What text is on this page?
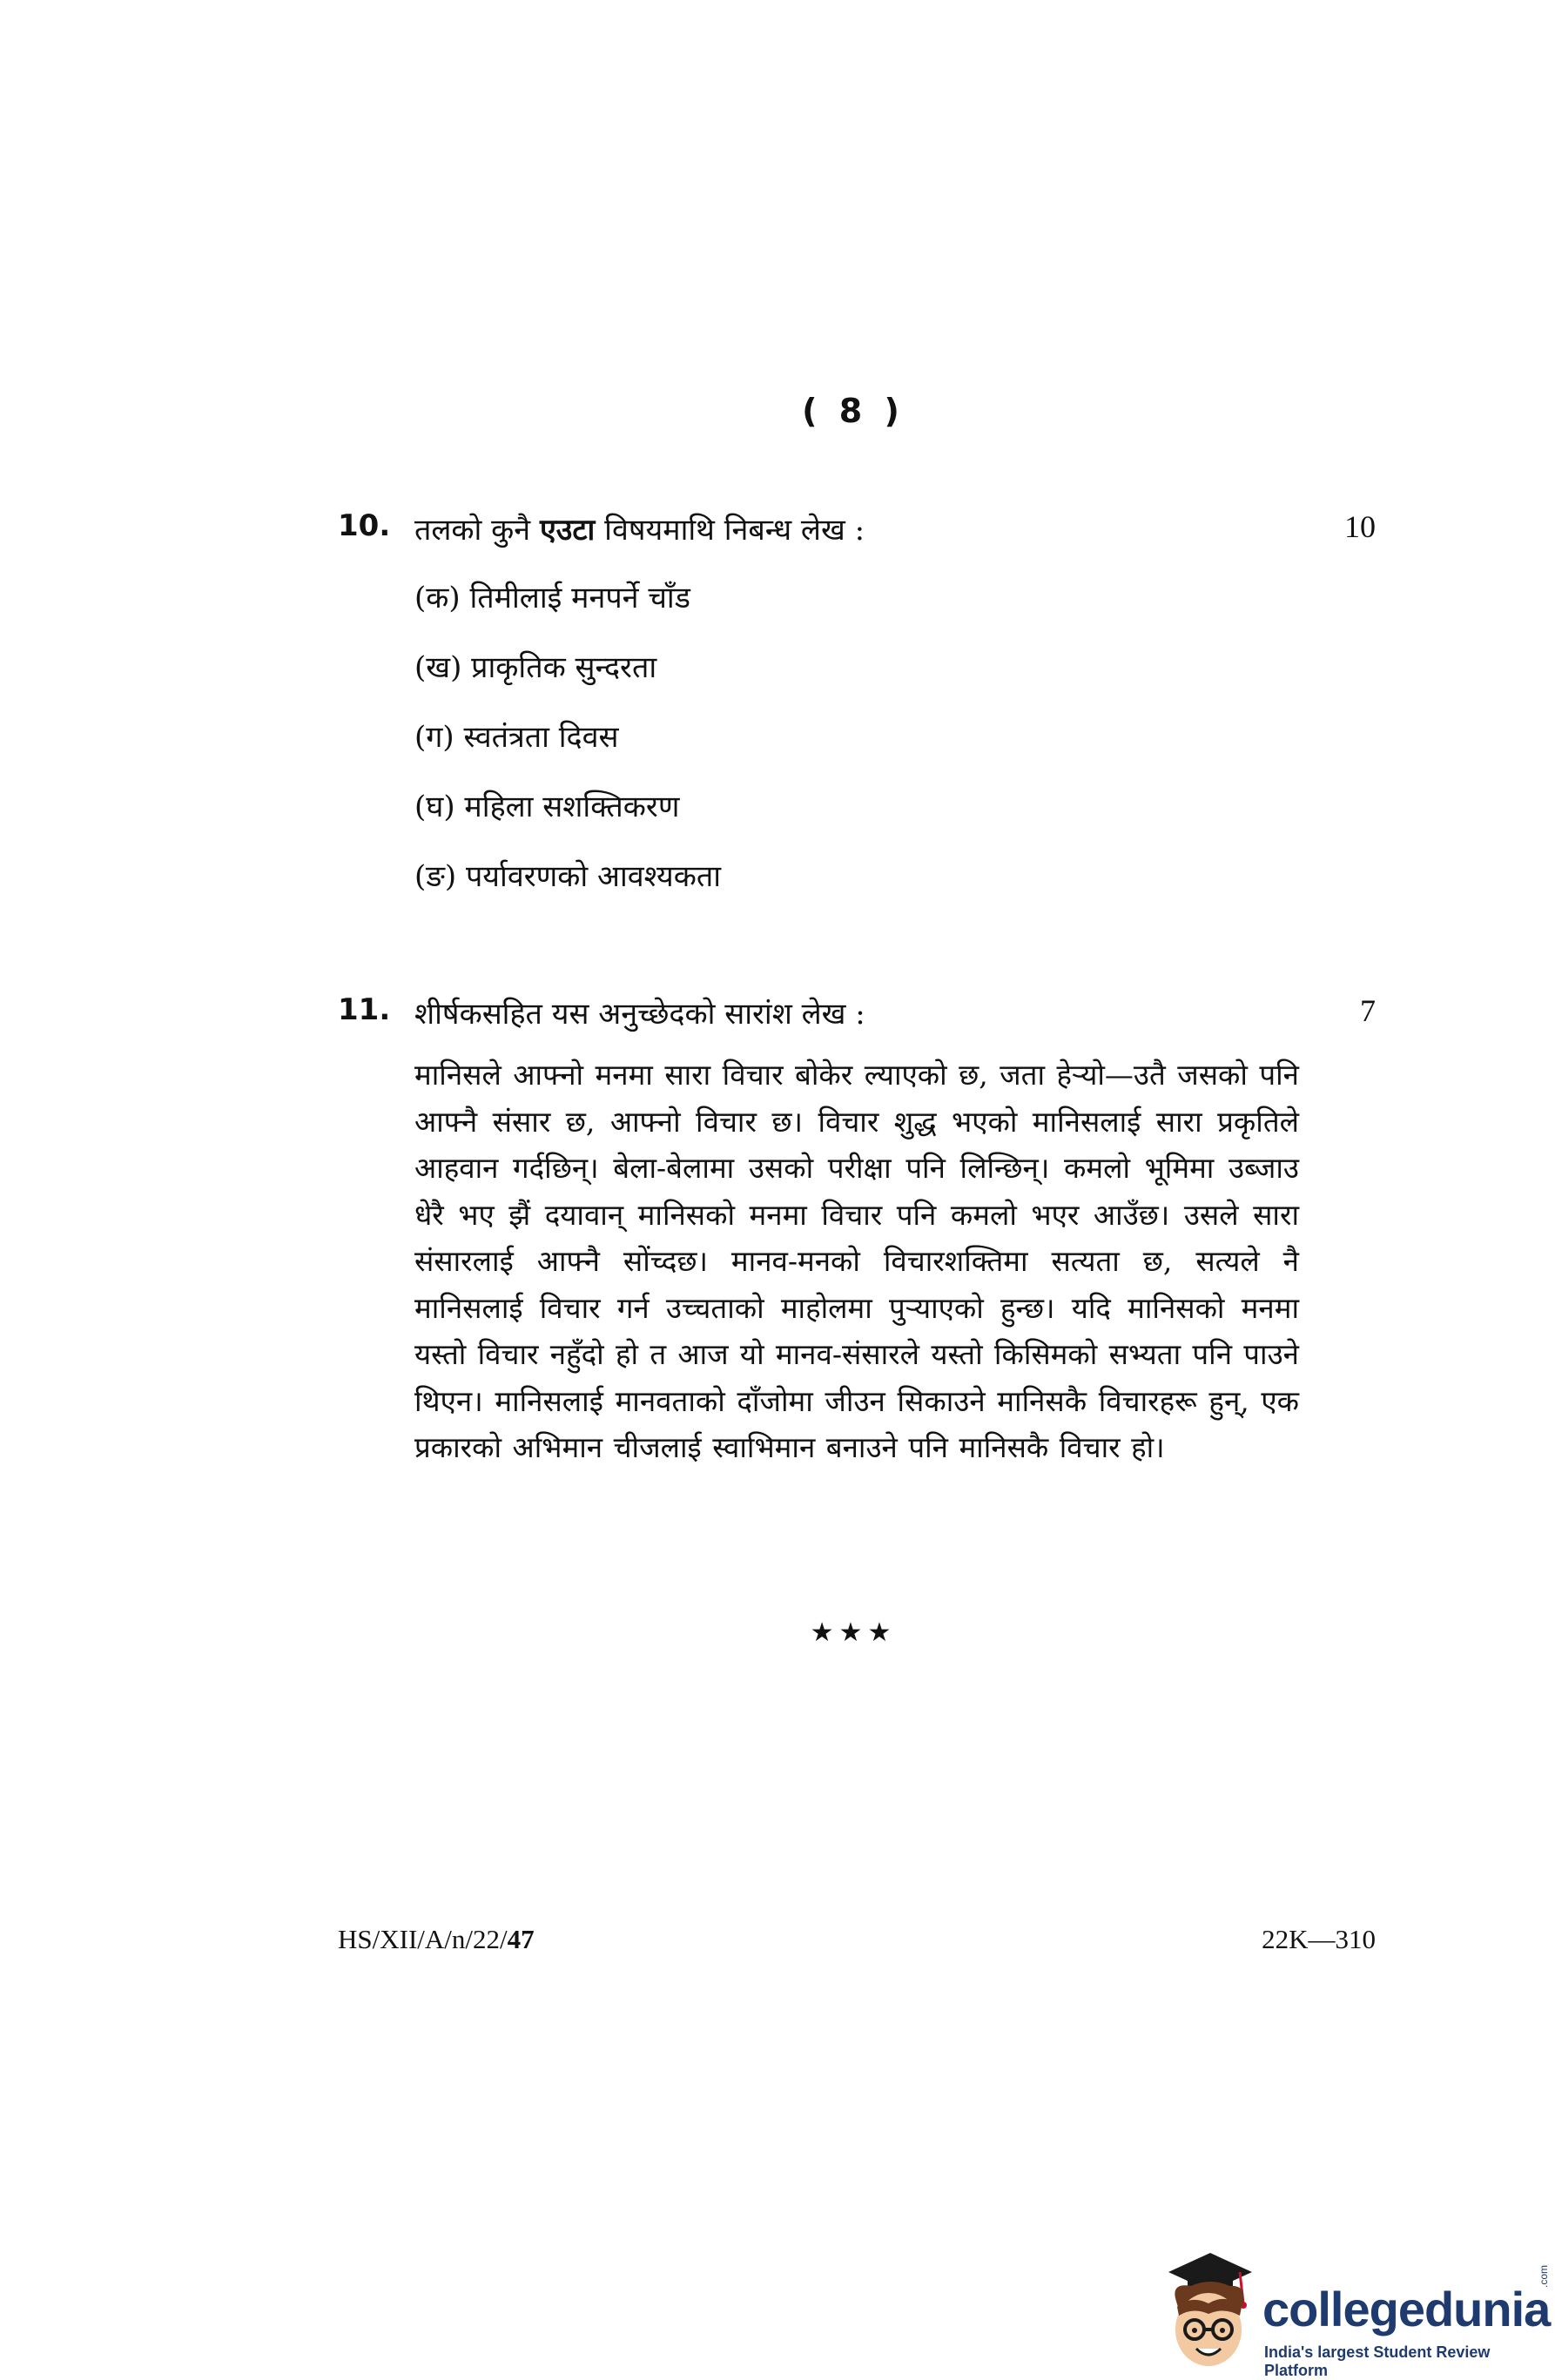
( 8 )
10. तलको कुनै एउटा विषयमाथि निबन्ध लेख :	10
(क) तिमीलाई मनपर्ने चाँड
(ख) प्राकृतिक सुन्दरता
(ग) स्वतंत्रता दिवस
(घ) महिला सशक्तिकरण
(ङ) पर्यावरणको आवश्यकता
11. शीर्षकसहित यस अनुच्छेदको सारांश लेख :	7
मानिसले आफ्नो मनमा सारा विचार बोकेर ल्याएको छ, जता हेर्‍यो—उतै जसको पनि आफ्नै संसार छ, आफ्नो विचार छ। विचार शुद्ध भएको मानिसलाई सारा प्रकृतिले आहवान गर्दछिन्। बेला-बेलामा उसको परीक्षा पनि लिन्छिन्। कमलो भूमिमा उब्जाउ धेरै भए झैं दयावान् मानिसको मनमा विचार पनि कमलो भएर आउँछ। उसले सारा संसारलाई आफ्नै सोंच्दछ। मानव-मनको विचारशक्तिमा सत्यता छ, सत्यले नै मानिसलाई विचार गर्न उच्चताको माहोलमा पुर्‍याएको हुन्छ। यदि मानिसको मनमा यस्तो विचार नहुँदो हो त आज यो मानव-संसारले यस्तो किसिमको सभ्यता पनि पाउने थिएन। मानिसलाई मानवताको दाँजोमा जीउन सिकाउने मानिसकै विचारहरू हुन्, एक प्रकारको अभिमान चीजलाई स्वाभिमान बनाउने पनि मानिसकै विचार हो।
★★★
HS/XII/A/n/22/47	22K—310
collegedunia
.com
India's largest Student Review Platform
